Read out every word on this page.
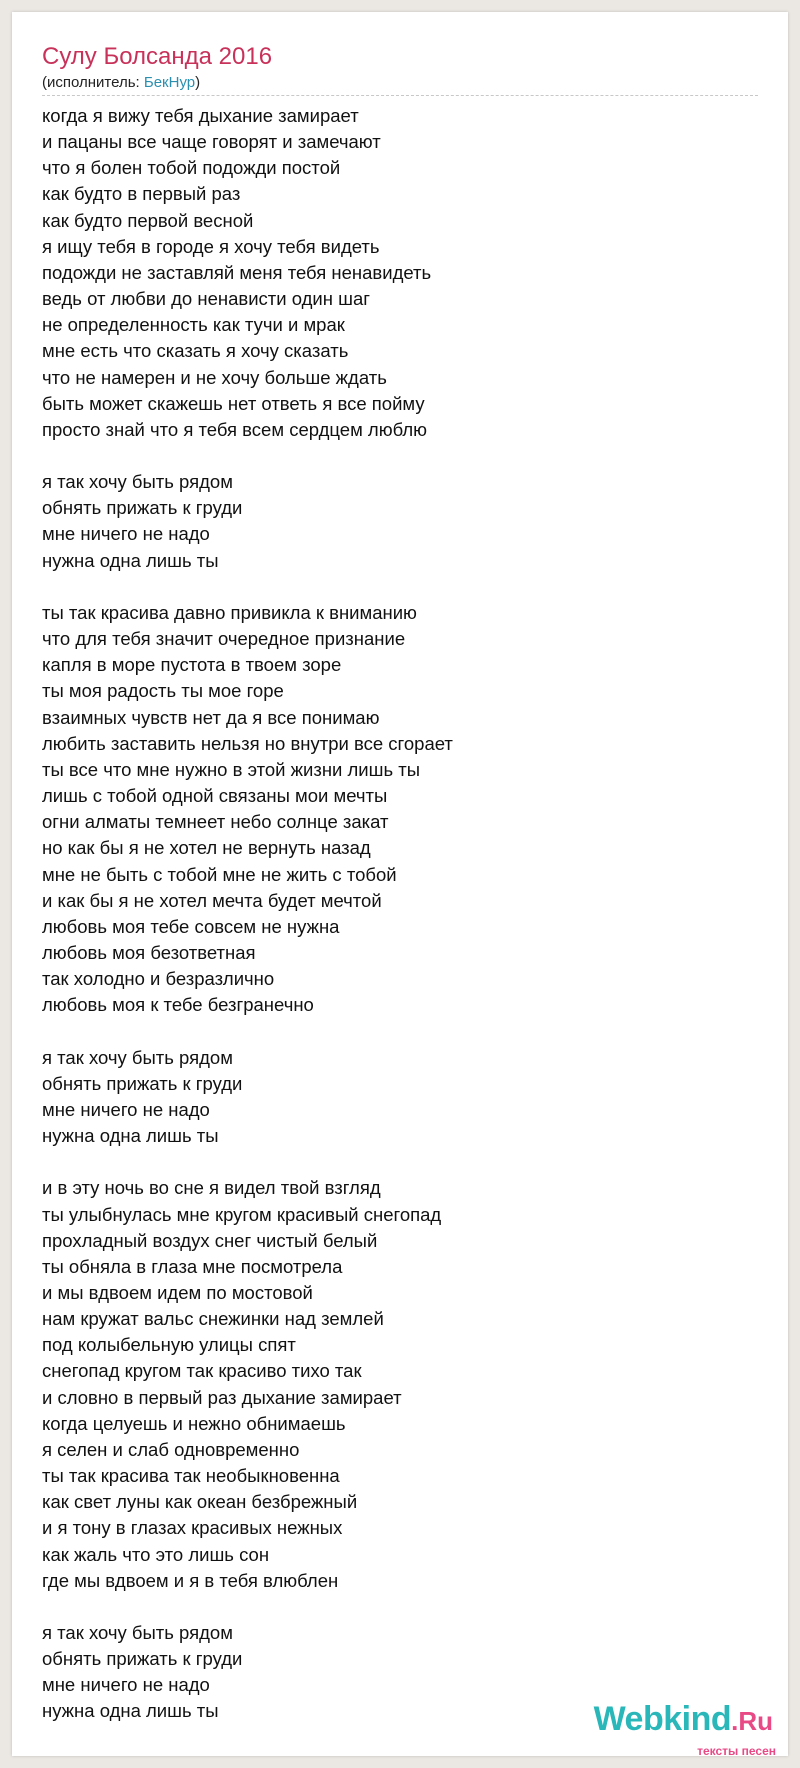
Сулу Болсанда 2016
(исполнитель: БекНур)
когда я вижу тебя дыхание замирает
и пацаны все чаще говорят и замечают
что я болен тобой подожди постой
как будто в первый раз
как будто первой весной
я ищу тебя в городе я хочу тебя видеть
подожди не заставляй меня тебя ненавидеть
ведь от любви до ненависти один шаг
не определенность как тучи и мрак
мне есть что сказать я хочу сказать
что не намерен и не хочу больше ждать
быть может скажешь нет ответь я все пойму
просто знай что я тебя всем сердцем люблю
я так хочу быть рядом
обнять прижать к груди
мне ничего не надо
нужна одна лишь ты
ты так красива давно привикла к вниманию
что для тебя значит очередное признание
капля в море пустота в твоем зоре
ты моя радость ты мое горе
взаимных чувств нет да я все понимаю
любить заставить нельзя но внутри все сгорает
ты все что мне нужно в этой жизни лишь ты
лишь с тобой одной связаны мои мечты
огни алматы темнеет небо солнце закат
но как бы я не хотел не вернуть назад
мне не быть с тобой мне не жить с тобой
и как бы я не хотел мечта будет мечтой
любовь моя тебе совсем не нужна
любовь моя безответная
так холодно и безразлично
любовь моя к тебе безгранечно
я так хочу быть рядом
обнять прижать к груди
мне ничего не надо
нужна одна лишь ты
и в эту ночь во сне я видел твой взгляд
ты улыбнулась мне кругом красивый снегопад
прохладный воздух снег чистый белый
ты обняла в глаза мне посмотрела
и мы вдвоем идем по мостовой
нам кружат вальс снежинки над землей
под колыбельную улицы спят
снегопад кругом так красиво тихо так
и словно в первый раз дыхание замирает
когда целуешь и нежно обнимаешь
я селен и слаб одновременно
ты так красива так необыкновенна
как свет луны как океан безбрежный
и я тону в глазах красивых нежных
как жаль что это лишь сон
где мы вдвоем и я в тебя влюблен
я так хочу быть рядом
обнять прижать к груди
мне ничего не надо
нужна одна лишь ты	Webkind.Ru
тексты песен
